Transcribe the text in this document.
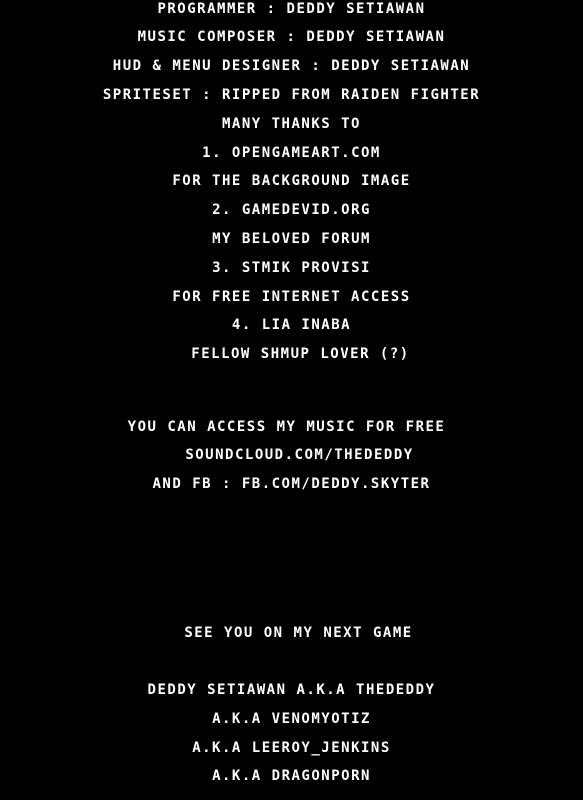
PROGRAMMER : DEDDY SETIAWAN
MUSIC COMPOSER : DEDDY SETIAWAN
HUD & MENU DESIGNER : DEDDY SETIAWAN
SPRITESET : RIPPED FROM RAIDEN FIGHTER
MANY THANKS TO
1. OPENGAMEART.COM
FOR THE BACKGROUND IMAGE
2. GAMEDEVID.ORG
MY BELOVED FORUM
3. STMIK PROVISI
FOR FREE INTERNET ACCESS
4. LIA INABA
FELLOW SHMUP LOVER (?)
YOU CAN ACCESS MY MUSIC FOR FREE
SOUNDCLOUD.COM/THEDEDDY
AND FB : FB.COM/DEDDY.SKYTER
SEE YOU ON MY NEXT GAME
DEDDY SETIAWAN A.K.A THEDEDDY
A.K.A VENOMYOTIZ
A.K.A LEEROY_JENKINS
A.K.A DRAGONPORN
